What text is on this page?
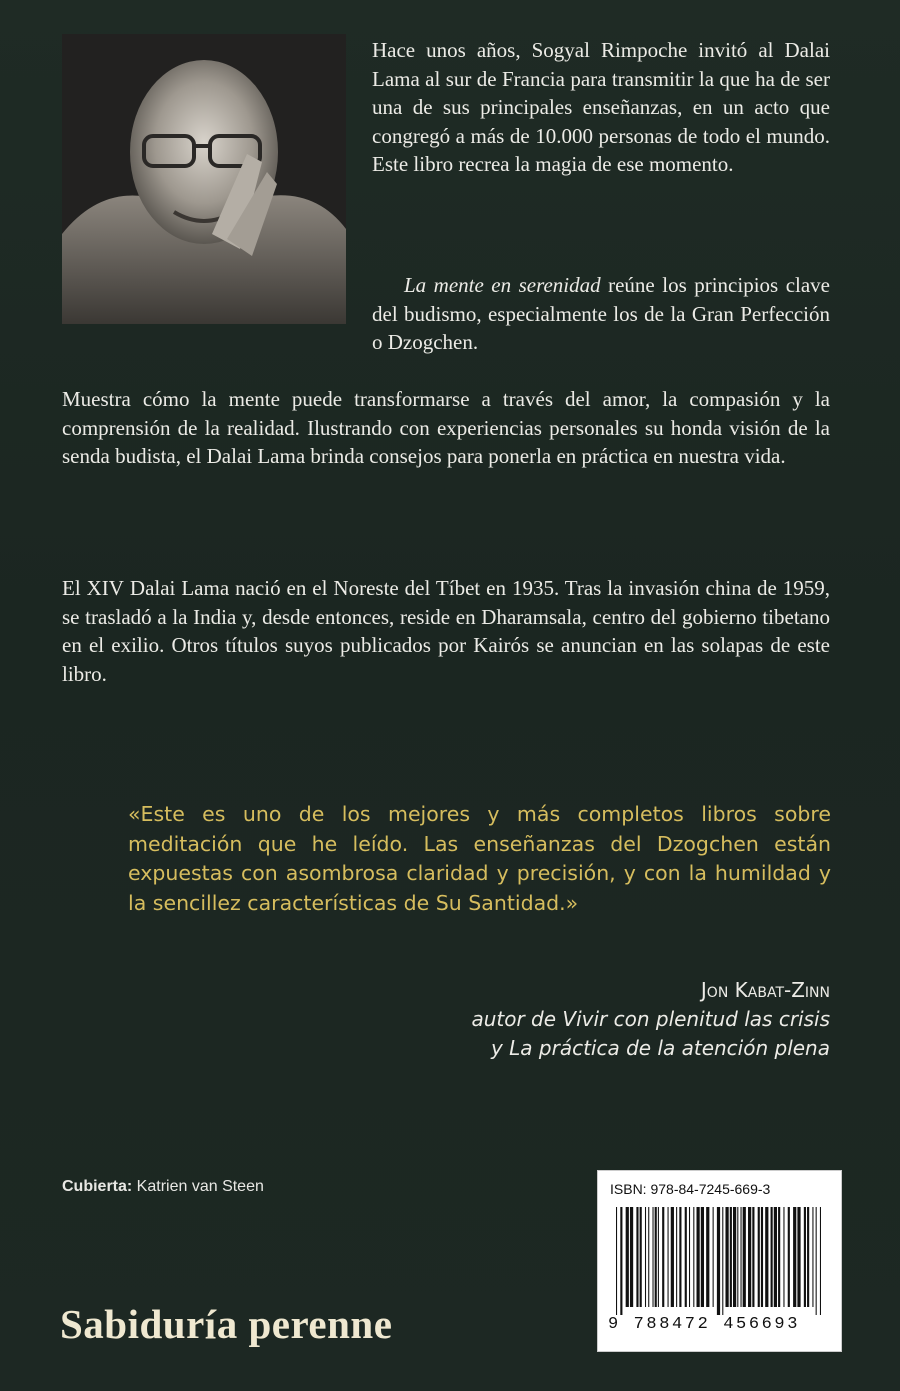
Hace unos años, Sogyal Rimpoche invitó al Dalai Lama al sur de Francia para transmitir la que ha de ser una de sus principales enseñanzas, en un acto que congregó a más de 10.000 personas de todo el mundo. Este libro recrea la magia de ese momento.

La mente en serenidad reúne los principios clave del budismo, especialmente los de la Gran Perfección o Dzogchen.

Muestra cómo la mente puede transformarse a través del amor, la compasión y la comprensión de la realidad. Ilustrando con experiencias personales su honda visión de la senda budista, el Dalai Lama brinda consejos para ponerla en práctica en nuestra vida.

El XIV Dalai Lama nació en el Noreste del Tíbet en 1935. Tras la invasión china de 1959, se trasladó a la India y, desde entonces, reside en Dharamsala, centro del gobierno tibetano en el exilio. Otros títulos suyos publicados por Kairós se anuncian en las solapas de este libro.

«Este es uno de los mejores y más completos libros sobre meditación que he leído. Las enseñanzas del Dzogchen están expuestas con asombrosa claridad y precisión, y con la humildad y la sencillez características de Su Santidad.»

Jon Kabat-Zinn
autor de Vivir con plenitud las crisis
y La práctica de la atención plena
Cubierta: Katrien van Steen
Sabiduría perenne
ISBN: 978-84-7245-669-3
9 788472 456693
